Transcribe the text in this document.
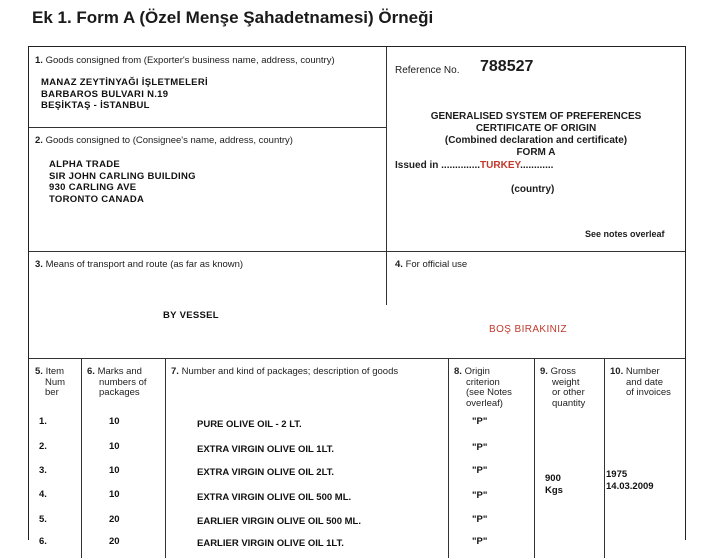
Ek 1. Form A (Özel Menşe Şahadetnamesi) Örneği
1. Goods consigned from (Exporter's business name, address, country)
MANAZ ZEYTİNYAĞI İŞLETMELERİ
BARBAROS BULVARI N.19
BEŞİKTAŞ - İSTANBUL
Reference No. 788527
GENERALISED SYSTEM OF PREFERENCES
CERTIFICATE OF ORIGIN
(Combined declaration and certificate)
FORM A
Issued in ..............TURKEY............
(country)
See notes overleaf
2. Goods consigned to (Consignee's name, address, country)
ALPHA TRADE
SIR JOHN CARLING BUILDING
930 CARLING AVE
TORONTO CANADA
3. Means of transport and route (as far as known)
BY VESSEL
4. For official use
BOŞ BIRAKINIZ
5. Item
Num
ber
6. Marks and
numbers of
packages
7. Number and kind of packages; description of goods	8. Origin
criterion
(see Notes
overleaf)
9. Gross
weight
or other
quantity
10. Number
and date
of invoices
1.	10	PURE OLIVE OIL - 2 LT.	"P"
2.	10	EXTRA VIRGIN OLIVE OIL 1LT.	"P"
3.	10	EXTRA VIRGIN OLIVE OIL 2LT.	"P"
4.	10	EXTRA VIRGIN OLIVE OIL 500 ML.	"P"
5.	20	EARLIER VIRGIN OLIVE OIL 500 ML.	"P"
6.	20	EARLIER VIRGIN OLIVE OIL 1LT.	"P"
900
Kgs
1975
14.03.2009
